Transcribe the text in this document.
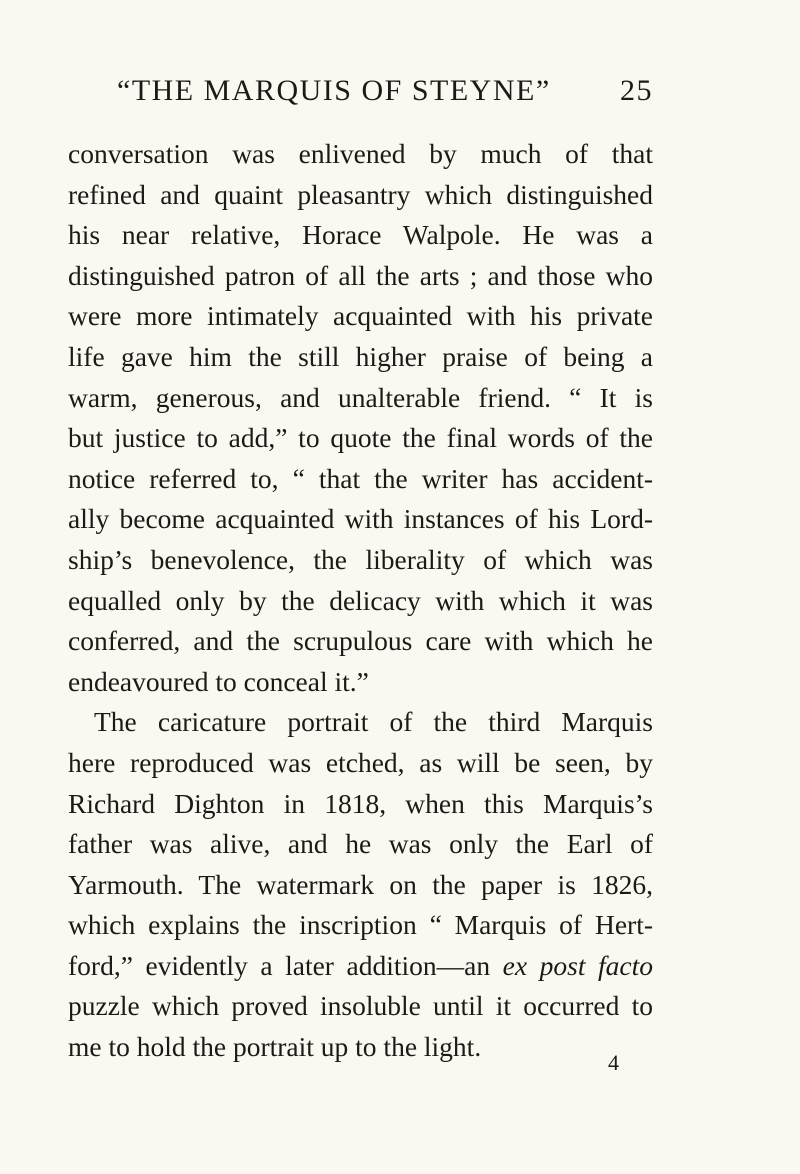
“THE MARQUIS OF STEYNE” 25
conversation was enlivened by much of that
refined and quaint pleasantry which distinguished
his near relative, Horace Walpole. He was a
distinguished patron of all the arts ; and those who
were more intimately acquainted with his private
life gave him the still higher praise of being a
warm, generous, and unalterable friend. “ It is
but justice to add,” to quote the final words of the
notice referred to, “ that the writer has accident-
ally become acquainted with instances of his Lord-
ship’s benevolence, the liberality of which was
equalled only by the delicacy with which it was
conferred, and the scrupulous care with which he
endeavoured to conceal it.”
The caricature portrait of the third Marquis
here reproduced was etched, as will be seen, by
Richard Dighton in 1818, when this Marquis’s
father was alive, and he was only the Earl of
Yarmouth. The watermark on the paper is 1826,
which explains the inscription “ Marquis of Hert-
ford,” evidently a later addition—an ex post facto
puzzle which proved insoluble until it occurred to
me to hold the portrait up to the light.
4
